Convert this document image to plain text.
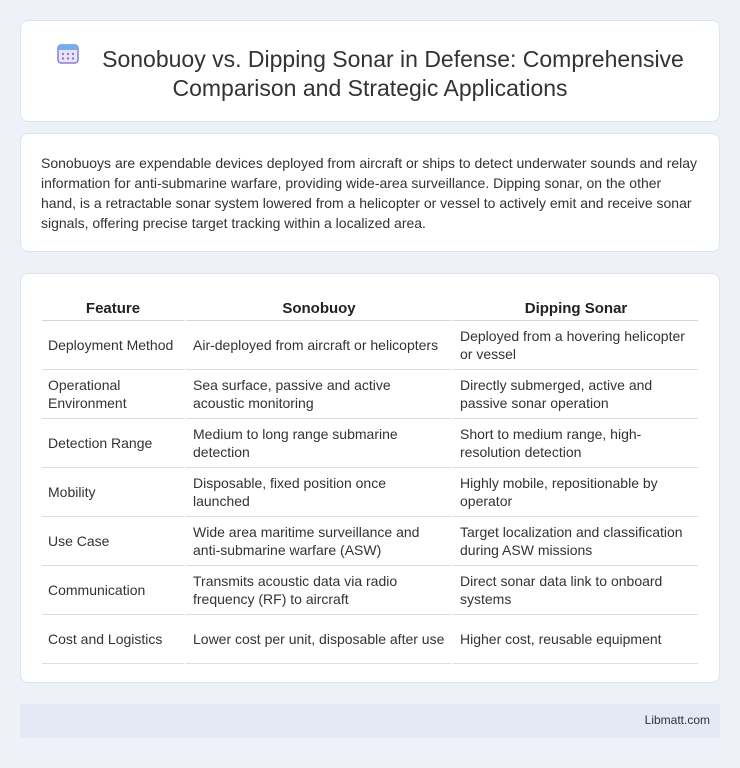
Sonobuoy vs. Dipping Sonar in Defense: Comprehensive
Comparison and Strategic Applications

Sonobuoys are expendable devices deployed from aircraft or ships to detect underwater sounds and relay information for anti-submarine warfare, providing wide-area surveillance. Dipping sonar, on the other hand, is a retractable sonar system lowered from a helicopter or vessel to actively emit and receive sonar signals, offering precise target tracking within a localized area.

Feature	Sonobuoy	Dipping Sonar
Deployment Method	Air-deployed from aircraft or helicopters	Deployed from a hovering helicopter or vessel
Operational Environment	Sea surface, passive and active acoustic monitoring	Directly submerged, active and passive sonar operation
Detection Range	Medium to long range submarine detection	Short to medium range, high-resolution detection
Mobility	Disposable, fixed position once launched	Highly mobile, repositionable by operator
Use Case	Wide area maritime surveillance and anti-submarine warfare (ASW)	Target localization and classification during ASW missions
Communication	Transmits acoustic data via radio frequency (RF) to aircraft	Direct sonar data link to onboard systems
Cost and Logistics	Lower cost per unit, disposable after use	Higher cost, reusable equipment
Libmatt.com
